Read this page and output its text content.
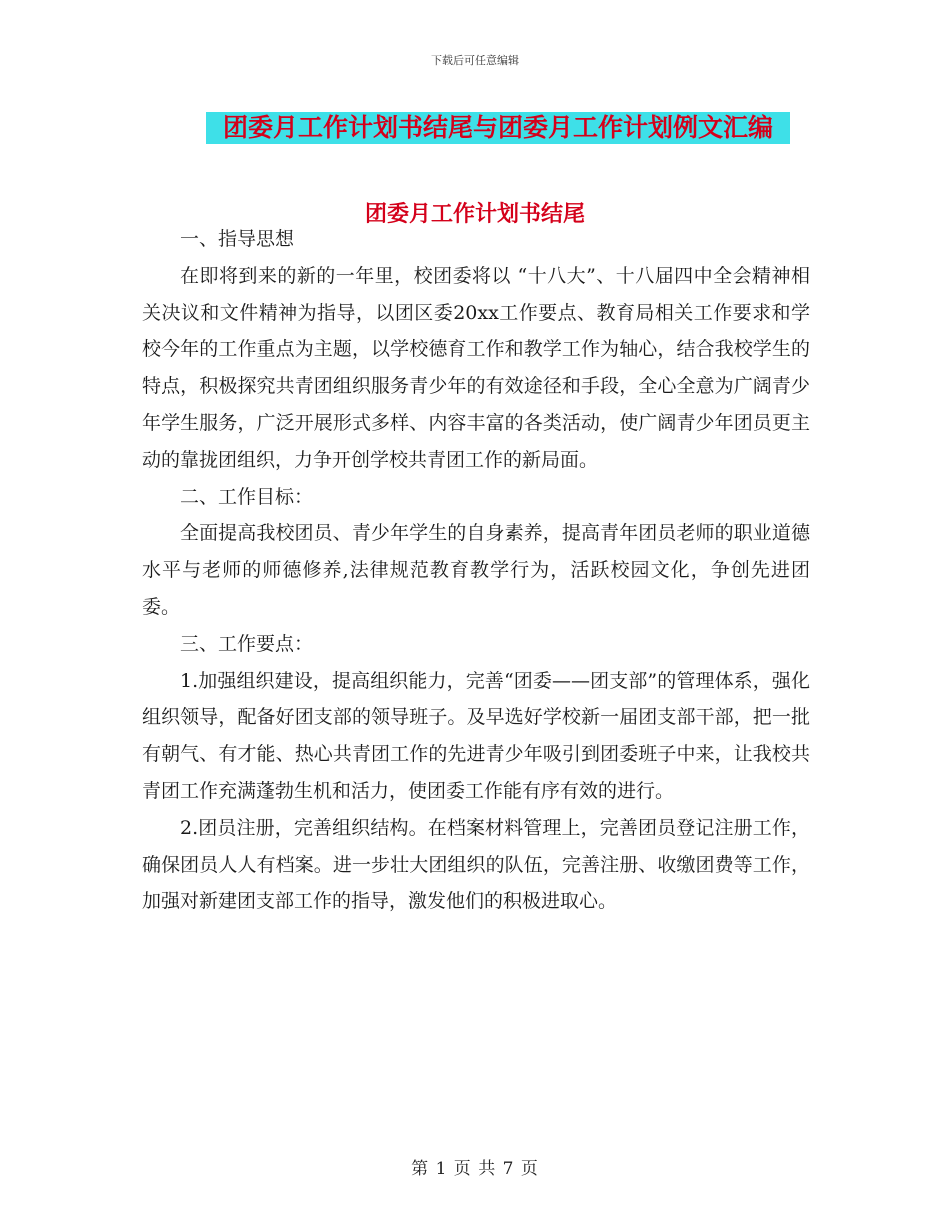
下载后可任意编辑
团委月工作计划书结尾与团委月工作计划例文汇编
团委月工作计划书结尾

一、指导思想

在即将到来的新的一年里，校团委将以 “十八大”、十八届四中全会精神相关决议和文件精神为指导，以团区委20xx工作要点、教育局相关工作要求和学校今年的工作重点为主题，以学校德育工作和教学工作为轴心，结合我校学生的特点，积极探究共青团组织服务青少年的有效途径和手段，全心全意为广阔青少年学生服务，广泛开展形式多样、内容丰富的各类活动，使广阔青少年团员更主动的靠拢团组织，力争开创学校共青团工作的新局面。

二、工作目标：

全面提高我校团员、青少年学生的自身素养，提高青年团员老师的职业道德水平与老师的师德修养,法律规范教育教学行为，活跃校园文化，争创先进团委。

三、工作要点：

1.加强组织建设，提高组织能力，完善“团委——团支部”的管理体系，强化组织领导，配备好团支部的领导班子。及早选好学校新一届团支部干部，把一批有朝气、有才能、热心共青团工作的先进青少年吸引到团委班子中来，让我校共青团工作充满蓬勃生机和活力，使团委工作能有序有效的进行。

2.团员注册，完善组织结构。在档案材料管理上，完善团员登记注册工作，确保团员人人有档案。进一步壮大团组织的队伍，完善注册、收缴团费等工作，加强对新建团支部工作的指导，激发他们的积极进取心。

第 1 页 共 7 页
